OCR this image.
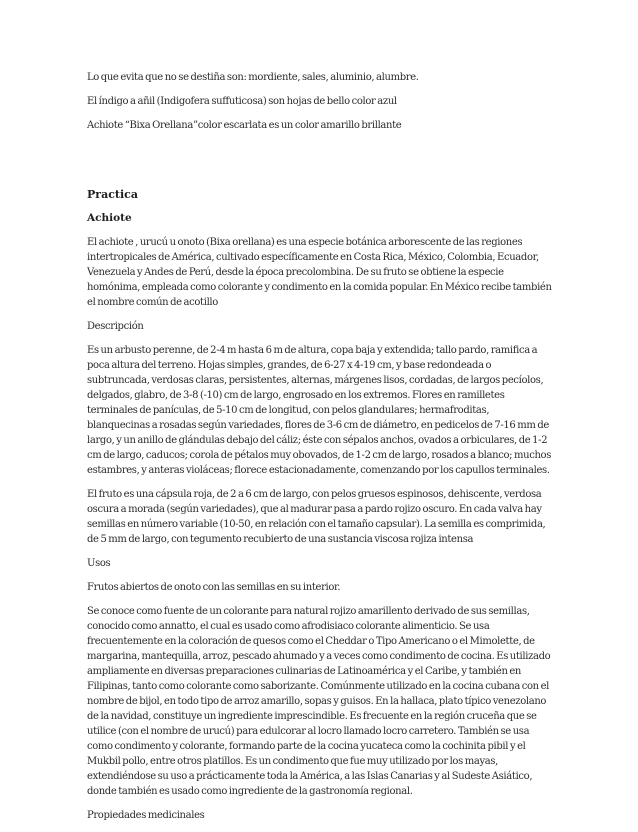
Lo que evita que no se destiña son: mordiente, sales, aluminio, alumbre.

El índigo a añil (Indigofera suffuticosa) son hojas de bello color azul

Achiote “Bixa Orellana”color escarlata es un color amarillo brillante

Practica
Achiote

El achiote , urucú u onoto (Bixa orellana) es una especie botánica arborescente de las regiones intertropicales de América, cultivado específicamente en Costa Rica, México, Colombia, Ecuador, Venezuela y Andes de Perú, desde la época precolombina. De su fruto se obtiene la especie homónima, empleada como colorante y condimento en la comida popular. En México recibe también el nombre común de acotillo

Descripción

Es un arbusto perenne, de 2-4 m hasta 6 m de altura, copa baja y extendida; tallo pardo, ramifica a poca altura del terreno. Hojas simples, grandes, de 6-27 x 4-19 cm, y base redondeada o subtruncada, verdosas claras, persistentes, alternas, márgenes lisos, cordadas, de largos pecíolos, delgados, glabro, de 3-8 (-10) cm de largo, engrosado en los extremos. Flores en ramilletes terminales de panículas, de 5-10 cm de longitud, con pelos glandulares; hermafroditas, blanquecinas a rosadas según variedades, flores de 3-6 cm de diámetro, en pedicelos de 7-16 mm de largo, y un anillo de glándulas debajo del cáliz; éste con sépalos anchos, ovados a orbiculares, de 1-2 cm de largo, caducos; corola de pétalos muy obovados, de 1-2 cm de largo, rosados a blanco; muchos estambres, y anteras violáceas; florece estacionadamente, comenzando por los capullos terminales.

El fruto es una cápsula roja, de 2 a 6 cm de largo, con pelos gruesos espinosos, dehiscente, verdosa oscura a morada (según variedades), que al madurar pasa a pardo rojizo oscuro. En cada valva hay semillas en número variable (10-50, en relación con el tamaño capsular). La semilla es comprimida, de 5 mm de largo, con tegumento recubierto de una sustancia viscosa rojiza intensa

Usos

Frutos abiertos de onoto con las semillas en su interior.

Se conoce como fuente de un colorante para natural rojizo amarillento derivado de sus semillas, conocido como annatto, el cual es usado como afrodisiaco colorante alimenticio. Se usa frecuentemente en la coloración de quesos como el Cheddar o Tipo Americano o el Mimolette, de margarina, mantequilla, arroz, pescado ahumado y a veces como condimento de cocina. Es utilizado ampliamente en diversas preparaciones culinarias de Latinoamérica y el Caribe, y también en Filipinas, tanto como colorante como saborizante. Comúnmente utilizado en la cocina cubana con el nombre de bijol, en todo tipo de arroz amarillo, sopas y guisos. En la hallaca, plato típico venezolano de la navidad, constituye un ingrediente imprescindible. Es frecuente en la región cruceña que se utilice (con el nombre de urucú) para edulcorar al locro llamado locro carretero. También se usa como condimento y colorante, formando parte de la cocina yucateca como la cochinita pibil y el Mukbil pollo, entre otros platillos. Es un condimento que fue muy utilizado por los mayas, extendiéndose su uso a prácticamente toda la América, a las Islas Canarias y al Sudeste Asiático, donde también es usado como ingrediente de la gastronomía regional.

Propiedades medicinales
